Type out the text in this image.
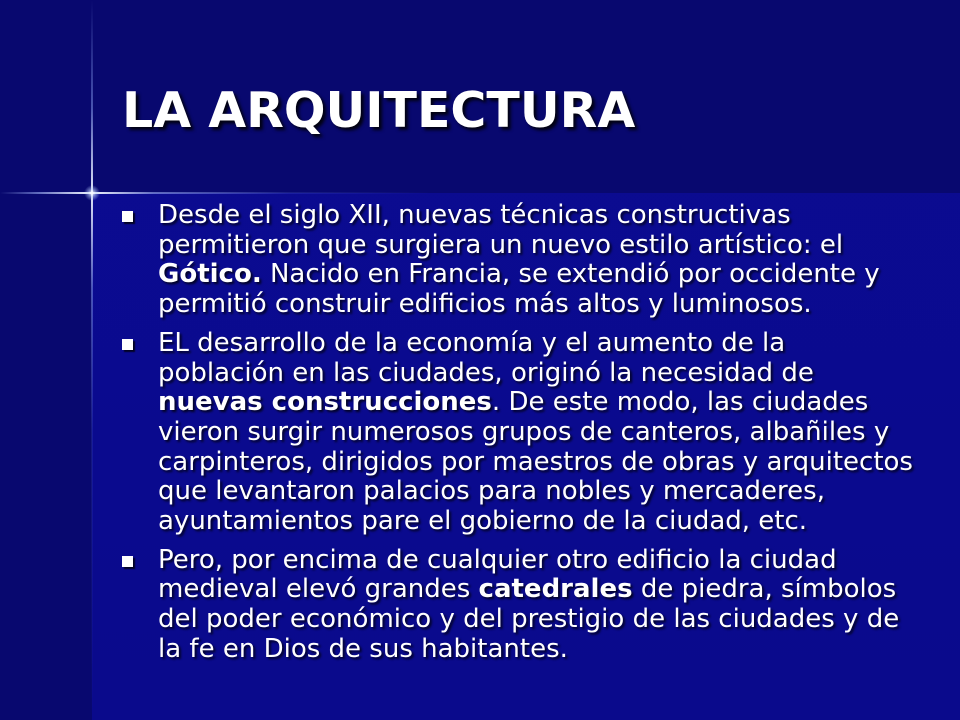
LA ARQUITECTURA
Desde el siglo XII, nuevas técnicas constructivas permitieron que surgiera un nuevo estilo artístico: el Gótico. Nacido en Francia, se extendió por occidente y permitió construir edificios más altos y luminosos.
EL desarrollo de la economía y el aumento de la población en las ciudades, originó la necesidad de nuevas construcciones. De este modo, las ciudades vieron surgir numerosos grupos de canteros, albañiles y carpinteros, dirigidos por maestros de obras y arquitectos que levantaron palacios para nobles y mercaderes, ayuntamientos pare el gobierno de la ciudad, etc.
Pero, por encima de cualquier otro edificio la ciudad medieval elevó grandes catedrales de piedra, símbolos del poder económico y del prestigio de las ciudades y de la fe en Dios de sus habitantes.
